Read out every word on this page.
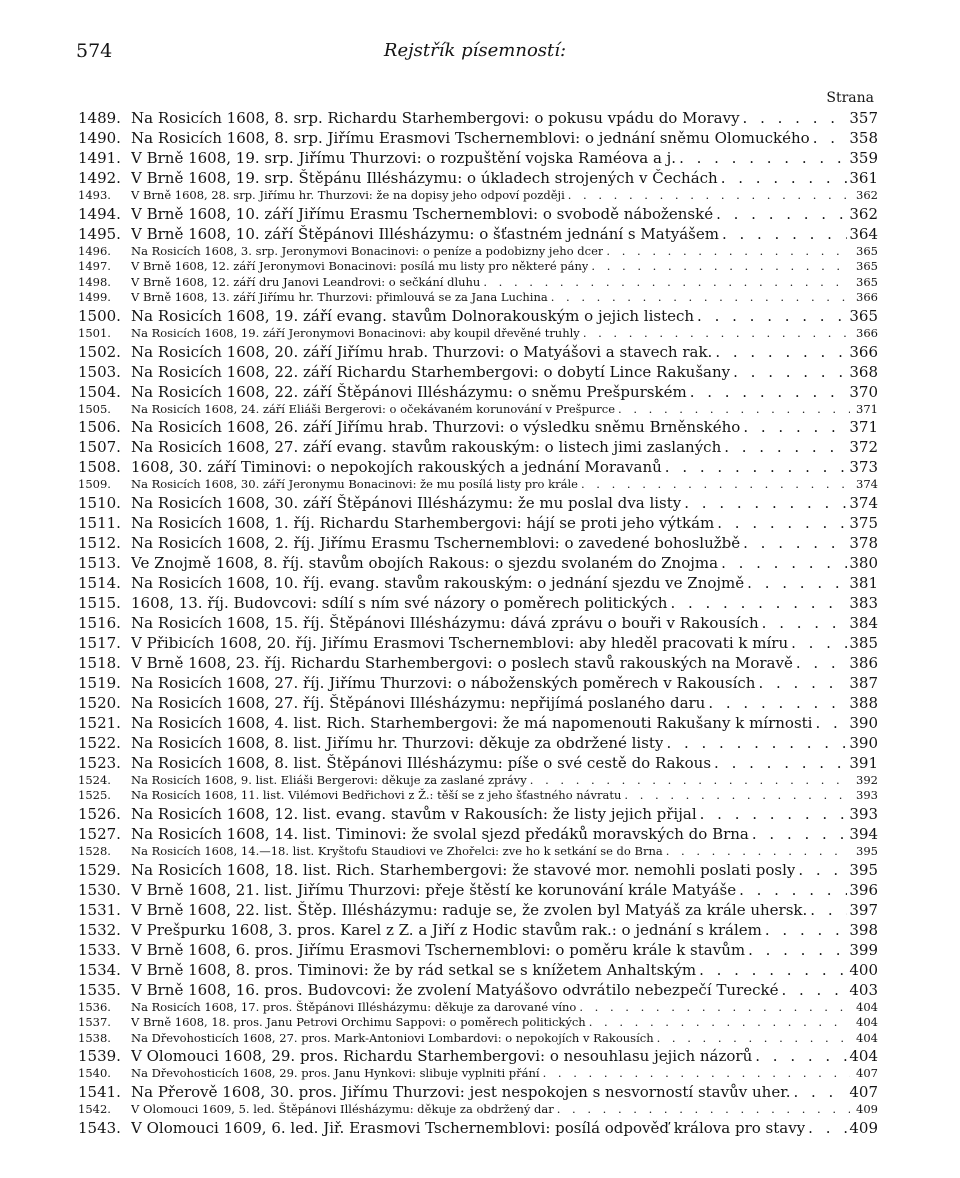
574	Rejstřík písemností:
Strana
1489. Na Rosicích 1608, 8. srp. Richardu Starhembergovi: o pokusu vpádu do Moravy . . .	357
1490. Na Rosicích 1608, 8. srp. Jiřímu Erasmovi Tschernemblovi: o jednání sněmu Olomuckého . . .	358
1491. V Brně 1608, 19. srp. Jiřímu Thurzovi: o rozpuštění vojska Raméova a j. . . .	359
1492. V Brně 1608, 19. srp. Štěpánu Illésházymu: o úkladech strojených v Čechách . . .	361
1493.	V Brně 1608, 28. srp. Jiřímu hr. Thurzovi: že na dopisy jeho odpoví později . . .	362
1494. V Brně 1608, 10. září Jiřímu Erasmu Tschernemblovi: o svobodě náboženské . . .	362
1495. V Brně 1608, 10. září Štěpánovi Illésházymu: o šťastném jednání s Matyášem . . .	364
1496.	Na Rosicích 1608, 3. srp. Jeronymovi Bonacinovi: o peníze a podobizny jeho dcer . . .	365
1497.	V Brně 1608, 12. září Jeronymovi Bonacinovi: posílá mu listy pro některé pány . . .	365
1498.	V Brně 1608, 12. září dru Janovi Leandrovi: o sečkání dluhu . . .	365
1499.	V Brně 1608, 13. září Jiřímu hr. Thurzovi: přimlouvá se za Jana Luchina . . .	366
1500. Na Rosicích 1608, 19. září evang. stavům Dolnorakouským o jejich listech . . .	365
1501.	Na Rosicích 1608, 19. září Jeronymovi Bonacinovi: aby koupil dřevěné truhly . . .	366
1502. Na Rosicích 1608, 20. září Jiřímu hrab. Thurzovi: o Matyášovi a stavech rak. . . .	366
1503. Na Rosicích 1608, 22. září Richardu Starhembergovi: o dobytí Lince Rakušany . . .	368
1504. Na Rosicích 1608, 22. září Štěpánovi Illésházymu: o sněmu Prešpurském . . .	370
1505.	Na Rosicích 1608, 24. září Eliáši Bergerovi: o očekávaném korunování v Prešpurce . . .	371
1506. Na Rosicích 1608, 26. září Jiřímu hrab. Thurzovi: o výsledku sněmu Brněnského . . .	371
1507. Na Rosicích 1608, 27. září evang. stavům rakouským: o listech jimi zaslaných . . .	372
1508. 1608, 30. září Timinovi: o nepokojích rakouských a jednání Moravanů . . .	373
1509.	Na Rosicích 1608, 30. září Jeronymu Bonacinovi: že mu posílá listy pro krále . . .	374
1510. Na Rosicích 1608, 30. září Štěpánovi Illésházymu: že mu poslal dva listy . . .	374
1511. Na Rosicích 1608, 1. říj. Richardu Starhembergovi: hájí se proti jeho výtkám . . .	375
1512. Na Rosicích 1608, 2. říj. Jiřímu Erasmu Tschernemblovi: o zavedené bohoslužbě . . .	378
1513. Ve Znojmě 1608, 8. říj. stavům obojích Rakous: o sjezdu svolaném do Znojma . . .	380
1514. Na Rosicích 1608, 10. říj. evang. stavům rakouským: o jednání sjezdu ve Znojmě . . .	381
1515. 1608, 13. říj. Budovcovi: sdílí s ním své názory o poměrech politických . . .	383
1516. Na Rosicích 1608, 15. říj. Štěpánovi Illésházymu: dává zprávu o bouři v Rakousích . . .	384
1517. V Přibicích 1608, 20. říj. Jiřímu Erasmovi Tschernemblovi: aby hleděl pracovati k míru . . .	385
1518. V Brně 1608, 23. říj. Richardu Starhembergovi: o poslech stavů rakouských na Moravě . . .	386
1519. Na Rosicích 1608, 27. říj. Jiřímu Thurzovi: o náboženských poměrech v Rakousích . . .	387
1520. Na Rosicích 1608, 27. říj. Štěpánovi Illésházymu: nepřijímá poslaného daru . . .	388
1521. Na Rosicích 1608, 4. list. Rich. Starhembergovi: že má napomenouti Rakušany k mírnosti . . . 390
1522. Na Rosicích 1608, 8. list. Jiřímu hr. Thurzovi: děkuje za obdržené listy . . .	390
1523. Na Rosicích 1608, 8. list. Štěpánovi Illésházymu: píše o své cestě do Rakous . . .	391
1524.	Na Rosicích 1608, 9. list. Eliáši Bergerovi: děkuje za zaslané zprávy . . .	392
1525.	Na Rosicích 1608, 11. list. Vilémovi Bedřichovi z Ž.: těší se z jeho šťastného návratu . . .	393
1526. Na Rosicích 1608, 12. list. evang. stavům v Rakousích: že listy jejich přijal . . .	393
1527. Na Rosicích 1608, 14. list. Timinovi: že svolal sjezd předáků moravských do Brna . . .	394
1528.	Na Rosicích 1608, 14.—18. list. Kryštofu Staudiovi ve Zhořelci: zve ho k setkání se do Brna . . .	395
1529. Na Rosicích 1608, 18. list. Rich. Starhembergovi: že stavové mor. nemohli poslati posly . . .	395
1530. V Brně 1608, 21. list. Jiřímu Thurzovi: přeje štěstí ke korunování krále Matyáše . . .	396
1531. V Brně 1608, 22. list. Štěp. Illésházymu: raduje se, že zvolen byl Matyáš za krále uhersk. . . .	397
1532. V Prešpurku 1608, 3. pros. Karel z Z. a Jiří z Hodic stavům rak.: o jednání s králem . . .	398
1533. V Brně 1608, 6. pros. Jiřímu Erasmovi Tschernemblovi: o poměru krále k stavům . . .	399
1534. V Brně 1608, 8. pros. Timinovi: že by rád setkal se s knížetem Anhaltským . . .	400
1535. V Brně 1608, 16. pros. Budovcovi: že zvolení Matyášovo odvrátilo nebezpečí Turecké . . .	403
1536.	Na Rosicích 1608, 17. pros. Štěpánovi Illésházymu: děkuje za darované víno . . .	404
1537.	V Brně 1608, 18. pros. Janu Petrovi Orchimu Sappovi: o poměrech politických . . .	404
1538.	Na Dřevohosticích 1608, 27. pros. Mark-Antoniovi Lombardovi: o nepokojích v Rakousích . . .	404
1539. V Olomouci 1608, 29. pros. Richardu Starhembergovi: o nesouhlasu jejich názorů . . .	404
1540.	Na Dřevohosticích 1608, 29. pros. Janu Hynkovi: slibuje vyplniti přání . . .	407
1541. Na Přerově 1608, 30. pros. Jiřímu Thurzovi: jest nespokojen s nesvorností stavův uher. . . .	407
1542.	V Olomouci 1609, 5. led. Štěpánovi Illésházymu: děkuje za obdržený dar . . .	409
1543. V Olomouci 1609, 6. led. Jiř. Erasmovi Tschernemblovi: posílá odpověď králova pro stavy . . .	409
